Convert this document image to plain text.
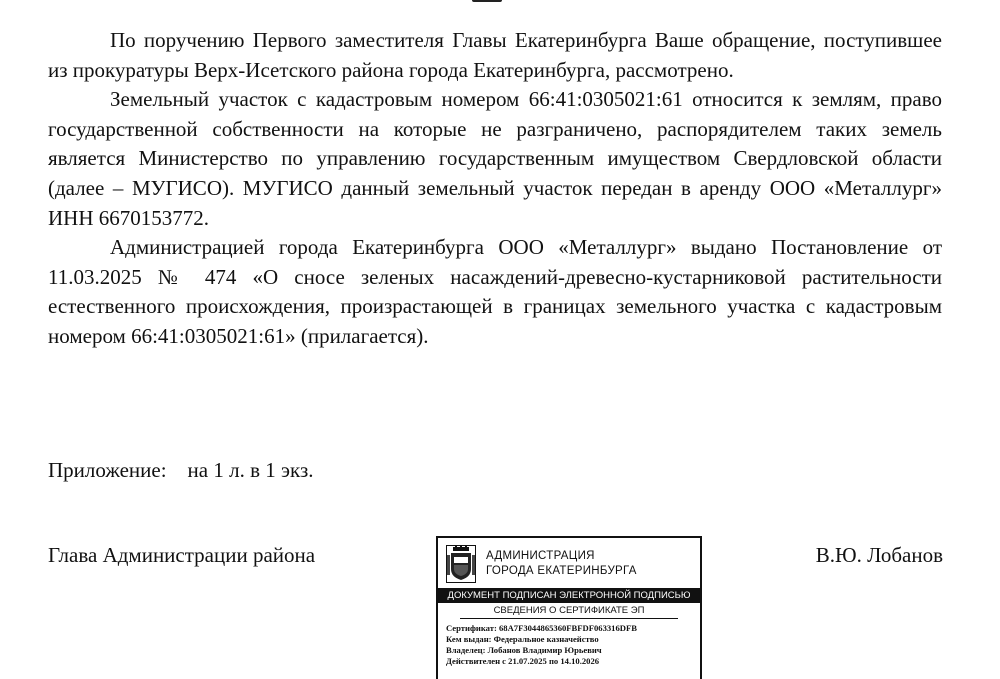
По поручению Первого заместителя Главы Екатеринбурга Ваше обращение, поступившее из прокуратуры Верх-Исетского района города Екатеринбурга, рассмотрено.

Земельный участок с кадастровым номером 66:41:0305021:61 относится к землям, право государственной собственности на которые не разграничено, распорядителем таких земель является Министерство по управлению государственным имуществом Свердловской области (далее – МУГИСО). МУГИСО данный земельный участок передан в аренду ООО «Металлург» ИНН 6670153772.

Администрацией города Екатеринбурга ООО «Металлург» выдано Постановление от 11.03.2025 № 474 «О сносе зеленых насаждений-древесно-кустарниковой растительности естественного происхождения, произрастающей в границах земельного участка с кадастровым номером 66:41:0305021:61» (прилагается).

Приложение: на 1 л. в 1 экз.
Глава Администрации района	В.Ю. Лобанов
АДМИНИСТРАЦИЯ
ГОРОДА ЕКАТЕРИНБУРГА
ДОКУМЕНТ ПОДПИСАН ЭЛЕКТРОННОЙ ПОДПИСЬЮ
СВЕДЕНИЯ О СЕРТИФИКАТЕ ЭП
Сертификат: 68A7F3044865360FBFDF063316DFB
Кем выдан: Федеральное казначейство
Владелец: Лобанов Владимир Юрьевич
Действителен с 21.07.2025 по 14.10.2026
